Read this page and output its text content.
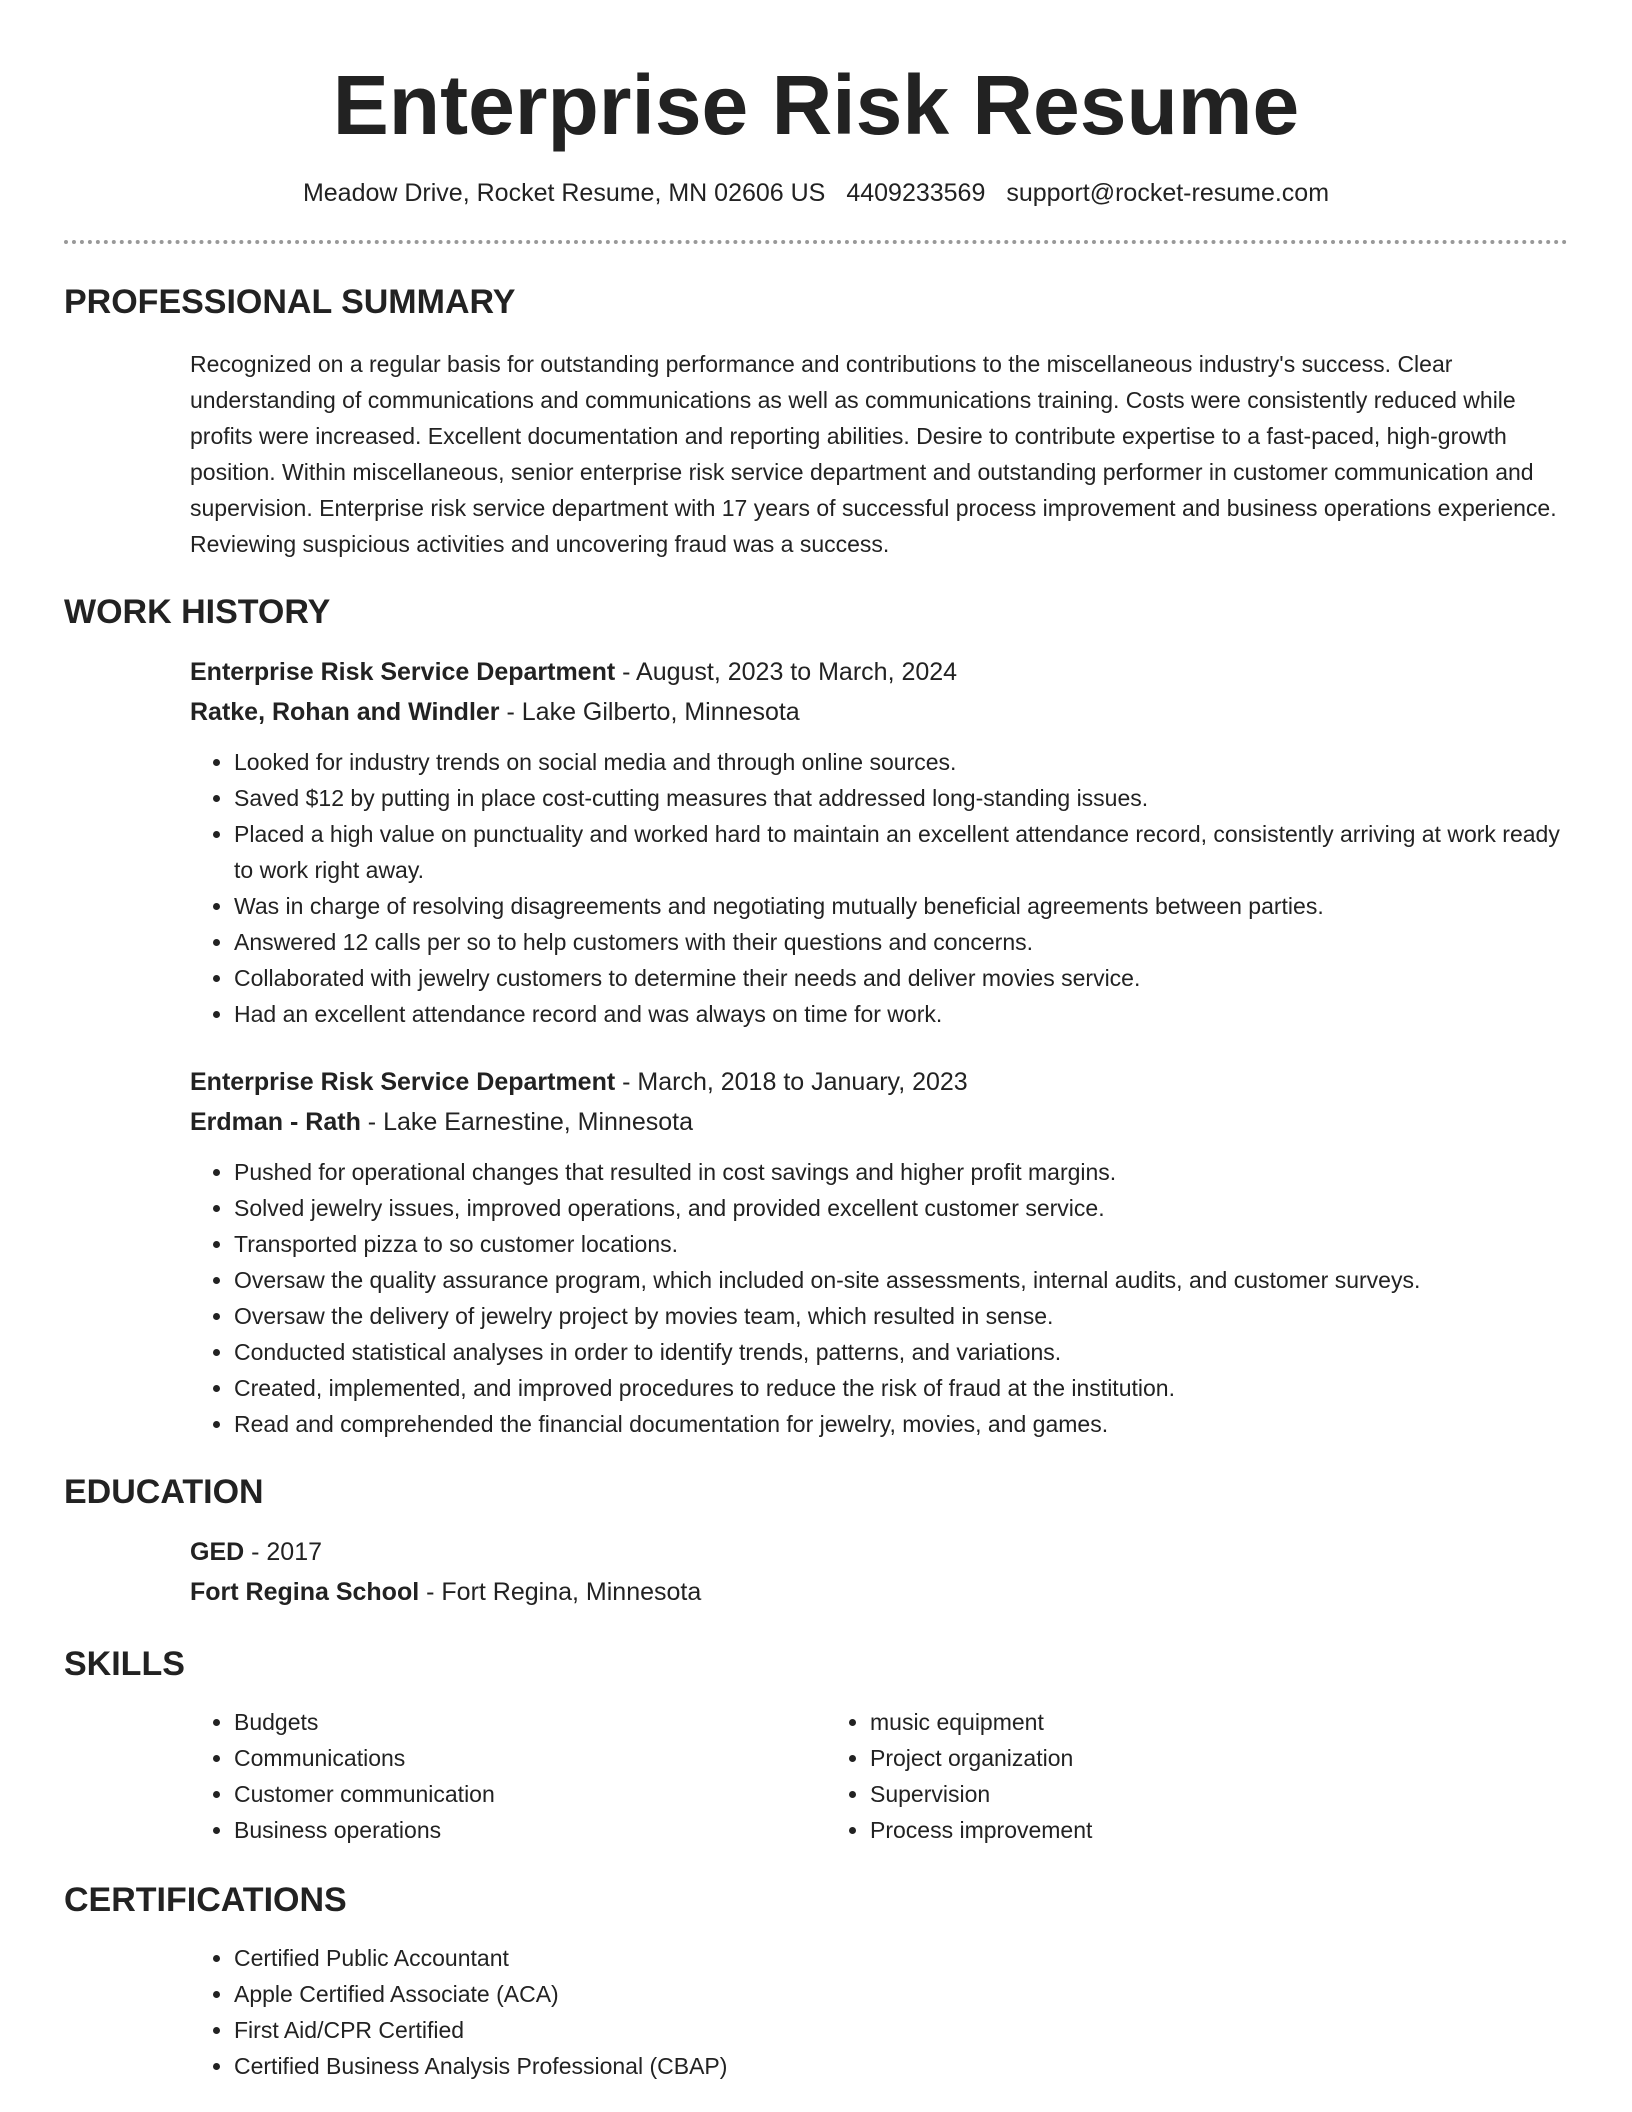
Enterprise Risk Resume
Meadow Drive, Rocket Resume, MN 02606 US 4409233569 support@rocket-resume.com
PROFESSIONAL SUMMARY

Recognized on a regular basis for outstanding performance and contributions to the miscellaneous industry's success. Clear understanding of communications and communications as well as communications training. Costs were consistently reduced while profits were increased. Excellent documentation and reporting abilities. Desire to contribute expertise to a fast-paced, high-growth position. Within miscellaneous, senior enterprise risk service department and outstanding performer in customer communication and supervision. Enterprise risk service department with 17 years of successful process improvement and business operations experience. Reviewing suspicious activities and uncovering fraud was a success.

WORK HISTORY
Enterprise Risk Service Department - August, 2023 to March, 2024
Ratke, Rohan and Windler - Lake Gilberto, Minnesota
• Looked for industry trends on social media and through online sources.
• Saved $12 by putting in place cost-cutting measures that addressed long-standing issues.
• Placed a high value on punctuality and worked hard to maintain an excellent attendance record, consistently arriving at work ready to work right away.
• Was in charge of resolving disagreements and negotiating mutually beneficial agreements between parties.
• Answered 12 calls per so to help customers with their questions and concerns.
• Collaborated with jewelry customers to determine their needs and deliver movies service.
• Had an excellent attendance record and was always on time for work.
Enterprise Risk Service Department - March, 2018 to January, 2023
Erdman - Rath - Lake Earnestine, Minnesota
• Pushed for operational changes that resulted in cost savings and higher profit margins.
• Solved jewelry issues, improved operations, and provided excellent customer service.
• Transported pizza to so customer locations.
• Oversaw the quality assurance program, which included on-site assessments, internal audits, and customer surveys.
• Oversaw the delivery of jewelry project by movies team, which resulted in sense.
• Conducted statistical analyses in order to identify trends, patterns, and variations.
• Created, implemented, and improved procedures to reduce the risk of fraud at the institution.
• Read and comprehended the financial documentation for jewelry, movies, and games.
EDUCATION
GED - 2017
Fort Regina School - Fort Regina, Minnesota
SKILLS
• Budgets
• Communications
• Customer communication
• Business operations
• music equipment
• Project organization
• Supervision
• Process improvement
CERTIFICATIONS
• Certified Public Accountant
• Apple Certified Associate (ACA)
• First Aid/CPR Certified
• Certified Business Analysis Professional (CBAP)
